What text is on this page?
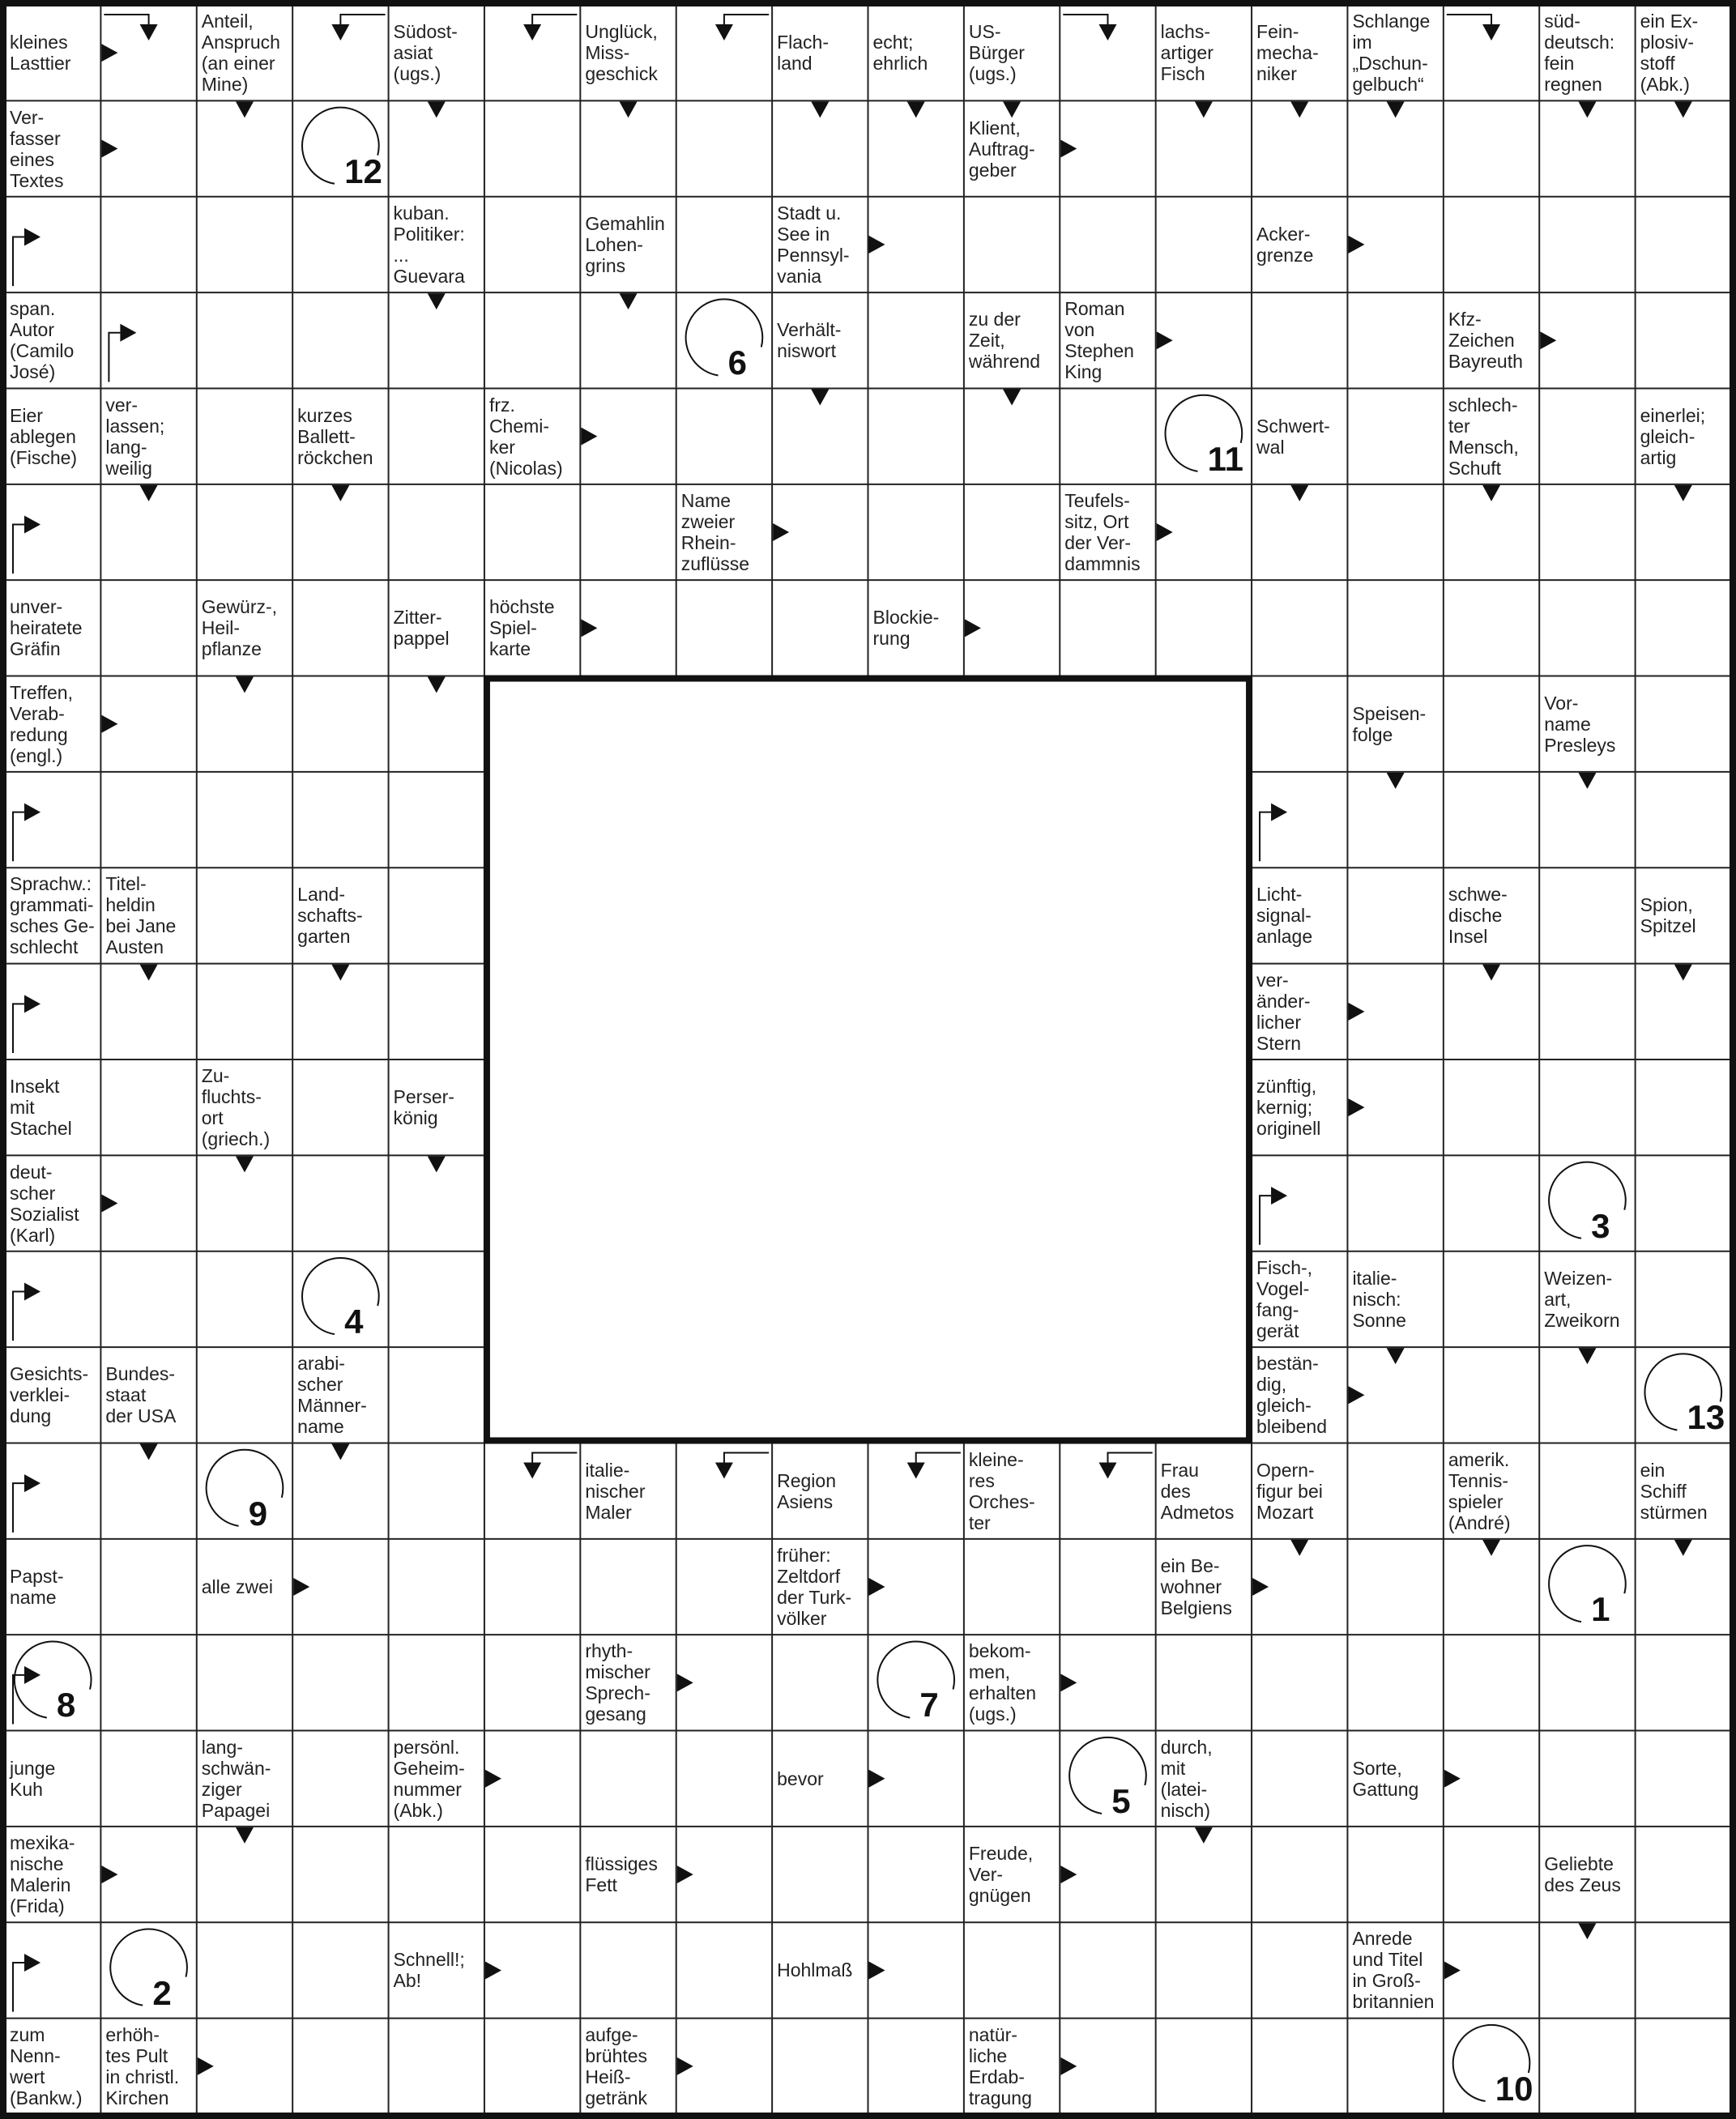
kleines
Lasttier
Anteil,
Anspruch
(an einer
Mine)
Südost-
asiat
(ugs.)
Unglück,
Miss-
geschick
Flach-
land
echt;
ehrlich
US-
Bürger
(ugs.)
lachs-
artiger
Fisch
Fein-
mecha-
niker
Schlange
im
„Dschun-
gelbuch“
süd-
deutsch:
fein
regnen
ein Ex-
plosiv-
stoff
(Abk.)
Ver-
fasser
eines
Textes
Klient,
Auftrag-
geber
kuban.
Politiker:
...
Guevara
Gemahlin
Lohen-
grins
Stadt u.
See in
Pennsyl-
vania
Acker-
grenze
span.
Autor
(Camilo
José)
Verhält-
niswort
zu der
Zeit,
während
Roman
von
Stephen
King
Kfz-
Zeichen
Bayreuth
Eier
ablegen
(Fische)
ver-
lassen;
lang-
weilig
kurzes
Ballett-
röckchen
frz.
Chemi-
ker
(Nicolas)
Schwert-
wal
schlech-
ter
Mensch,
Schuft
einerlei;
gleich-
artig
Name
zweier
Rhein-
zuflüsse
Teufels-
sitz, Ort
der Ver-
dammnis
unver-
heiratete
Gräfin
Gewürz-,
Heil-
pflanze
Zitter-
pappel
höchste
Spiel-
karte
Blockie-
rung
Treffen,
Verab-
redung
(engl.)
Speisen-
folge
Vor-
name
Presleys
Sprachw.:
grammati-
sches Ge-
schlecht
Titel-
heldin
bei Jane
Austen
Land-
schafts-
garten
Licht-
signal-
anlage
schwe-
dische
Insel
Spion,
Spitzel
ver-
änder-
licher
Stern
Insekt
mit
Stachel
Zu-
fluchts-
ort
(griech.)
Perser-
könig
zünftig,
kernig;
originell
deut-
scher
Sozialist
(Karl)
Fisch-,
Vogel-
fang-
gerät
italie-
nisch:
Sonne
Weizen-
art,
Zweikorn
Gesichts-
verklei-
dung
Bundes-
staat
der USA
arabi-
scher
Männer-
name
bestän-
dig,
gleich-
bleibend
italie-
nischer
Maler
Region
Asiens
kleine-
res
Orches-
ter
Frau
des
Admetos
Opern-
figur bei
Mozart
amerik.
Tennis-
spieler
(André)
ein
Schiff
stürmen
Papst-
name	alle zwei
früher:
Zeltdorf
der Turk-
völker
ein Be-
wohner
Belgiens
rhyth-
mischer
Sprech-
gesang
bekom-
men,
erhalten
(ugs.)
junge
Kuh
lang-
schwän-
ziger
Papagei
persönl.
Geheim-
nummer
(Abk.)
bevor
durch,
mit
(latei-
nisch)
Sorte,
Gattung
mexika-
nische
Malerin
(Frida)
flüssiges
Fett
Freude,
Ver-
gnügen
Geliebte
des Zeus
Schnell!;
Ab!	Hohlmaß
Anrede
und Titel
in Groß-
britannien
zum
Nenn-
wert
(Bankw.)
erhöh-
tes Pult
in christl.
Kirchen
aufge-
brühtes
Heiß-
getränk
natür-
liche
Erdab-
tragung
12
6
11
3
4
13
9
1
8	7
5
2
10
